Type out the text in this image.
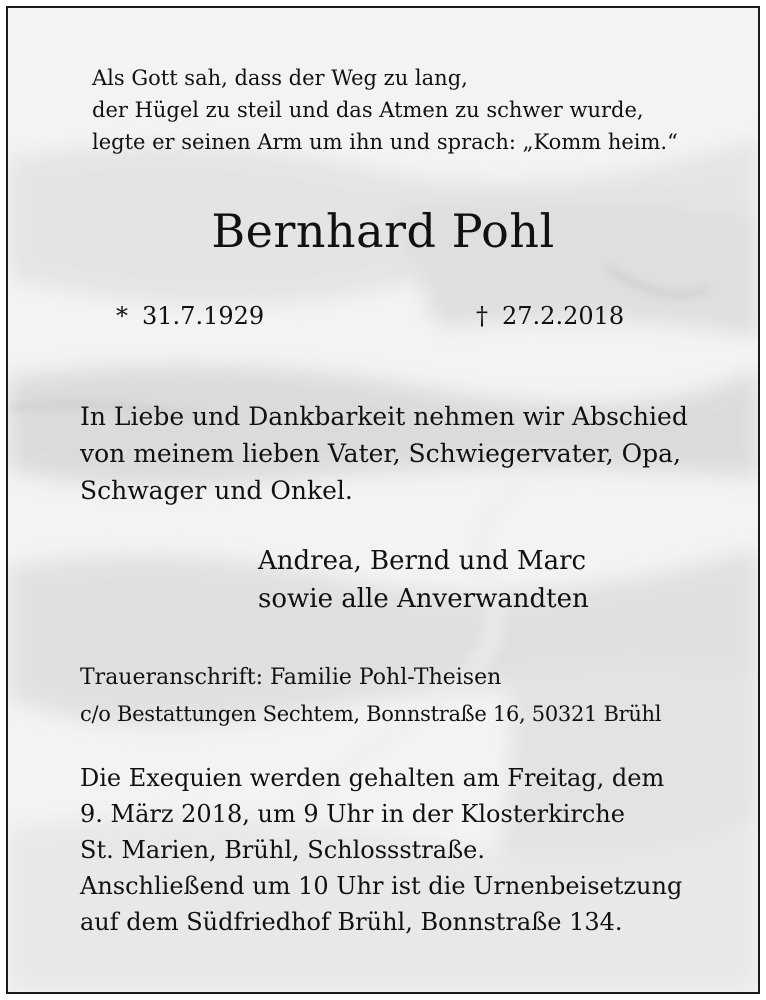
Als Gott sah, dass der Weg zu lang,
der Hügel zu steil und das Atmen zu schwer wurde,
legte er seinen Arm um ihn und sprach: „Komm heim.“
Bernhard Pohl
* 31.7.1929	† 27.2.2018
In Liebe und Dankbarkeit nehmen wir Abschied
von meinem lieben Vater, Schwiegervater, Opa,
Schwager und Onkel.
Andrea, Bernd und Marc
sowie alle Anverwandten
Traueranschrift: Familie Pohl-Theisen
c/o Bestattungen Sechtem, Bonnstraße 16, 50321 Brühl
Die Exequien werden gehalten am Freitag, dem
9. März 2018, um 9 Uhr in der Klosterkirche
St. Marien, Brühl, Schlossstraße.
Anschließend um 10 Uhr ist die Urnenbeisetzung
auf dem Südfriedhof Brühl, Bonnstraße 134.
